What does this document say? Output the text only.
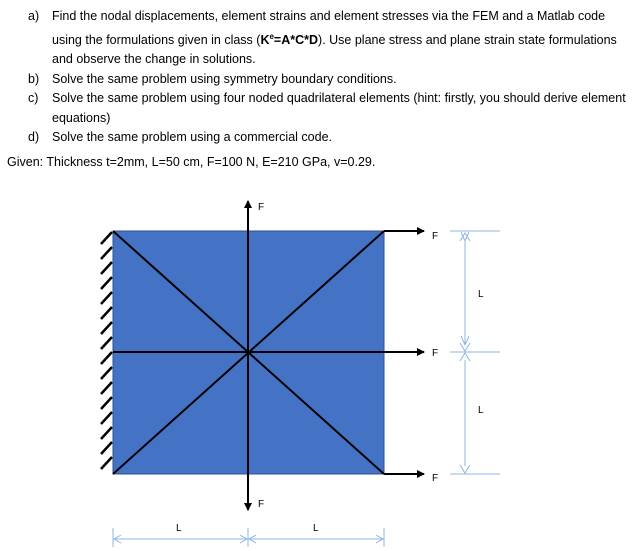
a)	Find the nodal displacements, element strains and element stresses via the FEM and a Matlab code using the formulations given in class $(K^e=A*C*D)$. Use plane stress and plane strain state formulations and observe the change in solutions.
b)	Solve the same problem using symmetry boundary conditions.
c)	Solve the same problem using four noded quadrilateral elements (hint: firstly, you should derive element equations)
d)	Solve the same problem using a commercial code.
Given: Thickness t=2mm, L=50 cm, F=100 N, E=210 GPa, v=0.29.
F
F
F
F
F
L
L
L	L
